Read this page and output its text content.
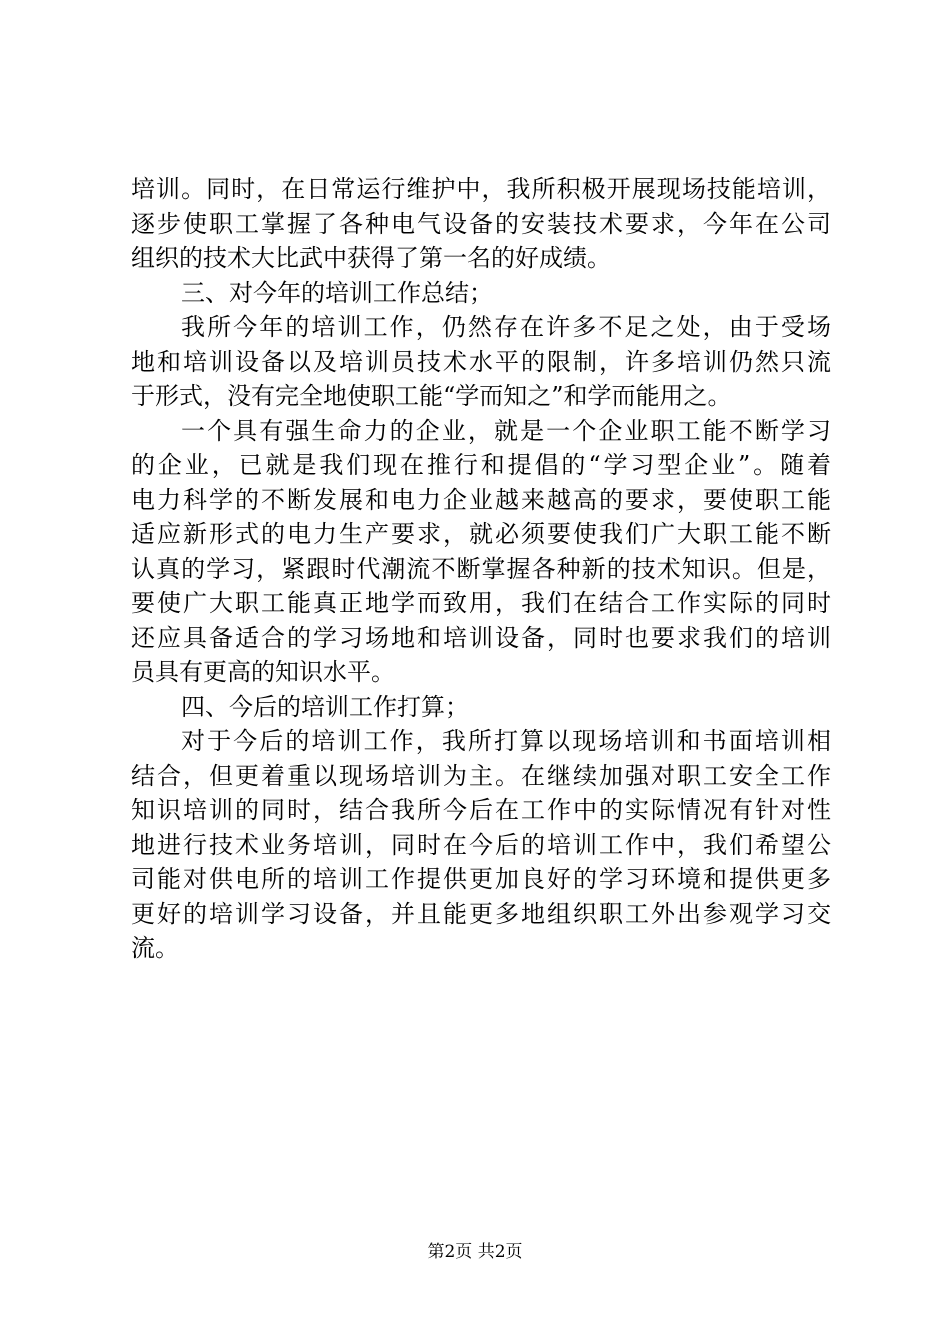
培训。同时，在日常运行维护中，我所积极开展现场技能培训，
逐步使职工掌握了各种电气设备的安装技术要求，今年在公司
组织的技术大比武中获得了第一名的好成绩。
三、对今年的培训工作总结；
我所今年的培训工作，仍然存在许多不足之处，由于受场
地和培训设备以及培训员技术水平的限制，许多培训仍然只流
于形式，没有完全地使职工能“学而知之”和学而能用之。
一个具有强生命力的企业，就是一个企业职工能不断学习
的企业，已就是我们现在推行和提倡的“学习型企业”。随着
电力科学的不断发展和电力企业越来越高的要求，要使职工能
适应新形式的电力生产要求，就必须要使我们广大职工能不断
认真的学习，紧跟时代潮流不断掌握各种新的技术知识。但是，
要使广大职工能真正地学而致用，我们在结合工作实际的同时
还应具备适合的学习场地和培训设备，同时也要求我们的培训
员具有更高的知识水平。
四、今后的培训工作打算；
对于今后的培训工作，我所打算以现场培训和书面培训相
结合，但更着重以现场培训为主。在继续加强对职工安全工作
知识培训的同时，结合我所今后在工作中的实际情况有针对性
地进行技术业务培训，同时在今后的培训工作中，我们希望公
司能对供电所的培训工作提供更加良好的学习环境和提供更多
更好的培训学习设备，并且能更多地组织职工外出参观学习交
流。
第2页 共2页
